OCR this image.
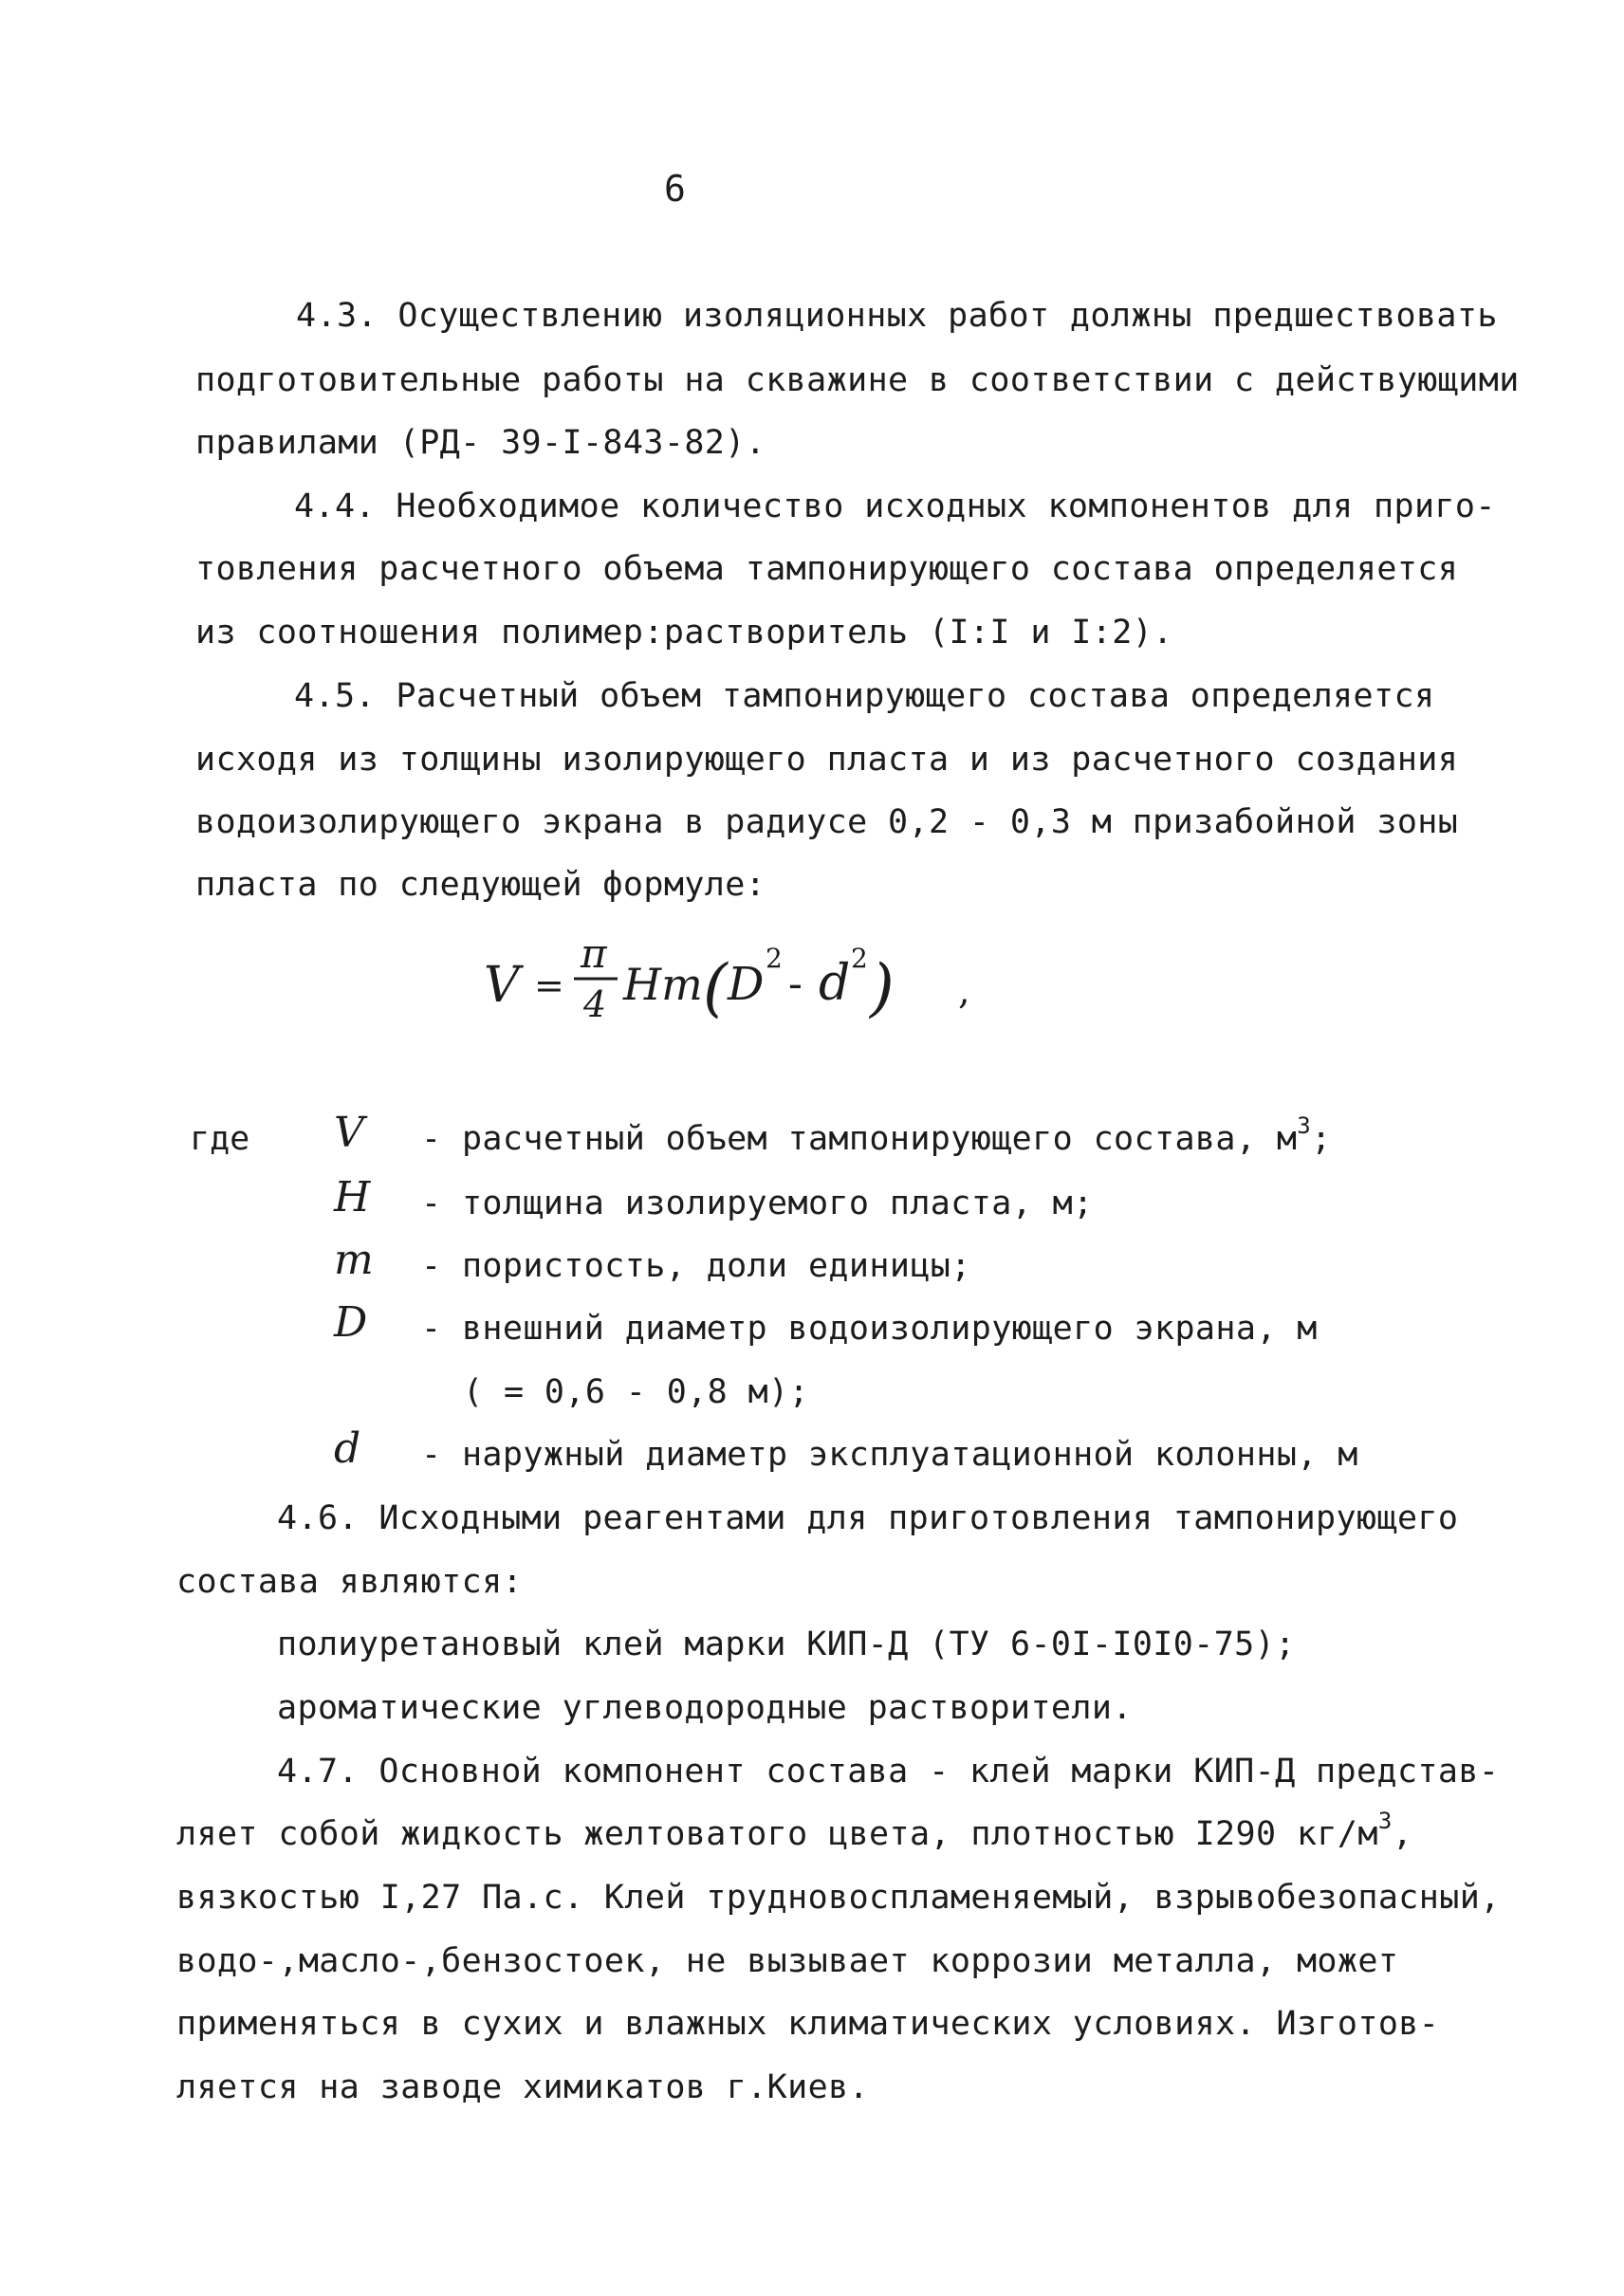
6
4.3. Осуществлению изоляционных работ должны предшествовать
подготовительные работы на скважине в соответствии с действующими
правилами (РД- 39-I-843-82).
4.4. Необходимое количество исходных компонентов для приго-
товления расчетного объема тампонирующего состава определяется
из соотношения полимер:растворитель (I:I и I:2).
4.5. Расчетный объем тампонирующего состава определяется
исходя из толщины изолирующего пласта и из расчетного создания
водоизолирующего экрана в радиусе 0,2 - 0,3 м призабойной зоны
пласта по следующей формуле:
V =
π
4 Hm ( D 2
- d 2 ) ,
где V - расчетный объем тампонирующего состава, $м^3$;
H - толщина изолируемого пласта, м;
m - пористость, доли единицы;
D - внешний диаметр водоизолирующего экрана, м
( = 0,6 - 0,8 м);
d - наружный диаметр эксплуатационной колонны, м
4.6. Исходными реагентами для приготовления тампонирующего
состава являются:
полиуретановый клей марки КИП-Д (ТУ 6-0I-I0I0-75);
ароматические углеводородные растворители.
4.7. Основной компонент состава - клей марки КИП-Д представ-
ляет собой жидкость желтоватого цвета, плотностью I290 $кг/м^3$,
вязкостью I,27 Па.с. Клей трудновоспламеняемый, взрывобезопасный,
водо-,масло-,бензостоек, не вызывает коррозии металла, может
применяться в сухих и влажных климатических условиях. Изготов-
ляется на заводе химикатов г.Киев.
